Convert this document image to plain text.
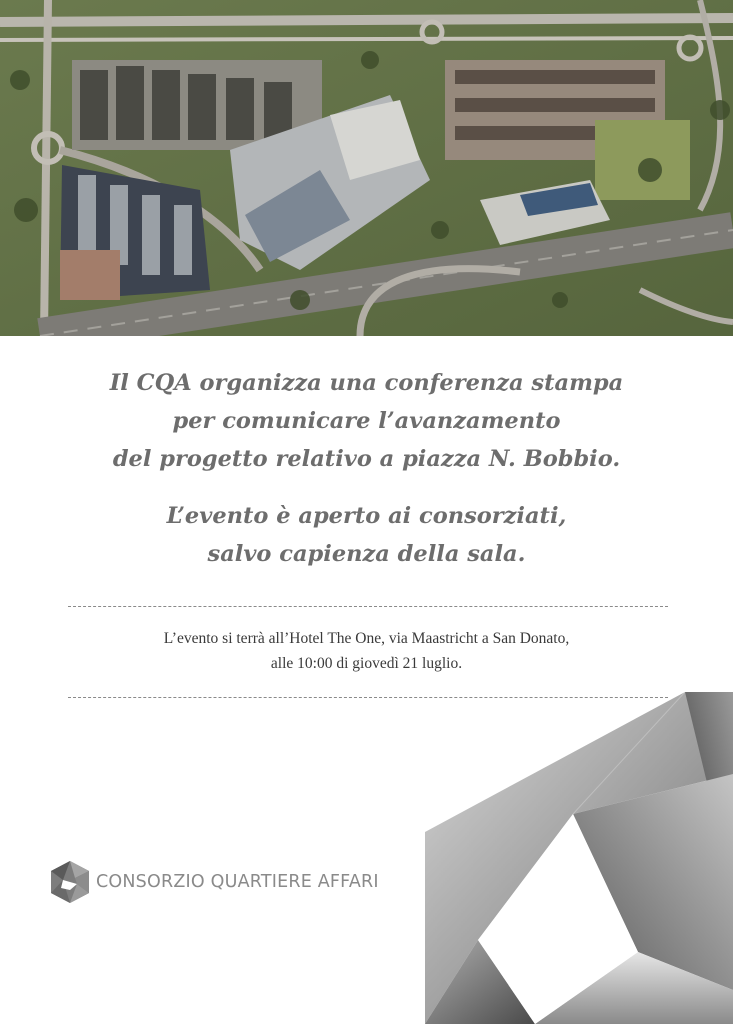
Il CQA organizza una conferenza stampa
per comunicare l’avanzamento
del progetto relativo a piazza N. Bobbio.
L’evento è aperto ai consorziati,
salvo capienza della sala.
L’evento si terrà all’Hotel The One, via Maastricht a San Donato,
alle 10:00 di giovedì 21 luglio.
CONSORZIO QUARTIERE AFFARI
